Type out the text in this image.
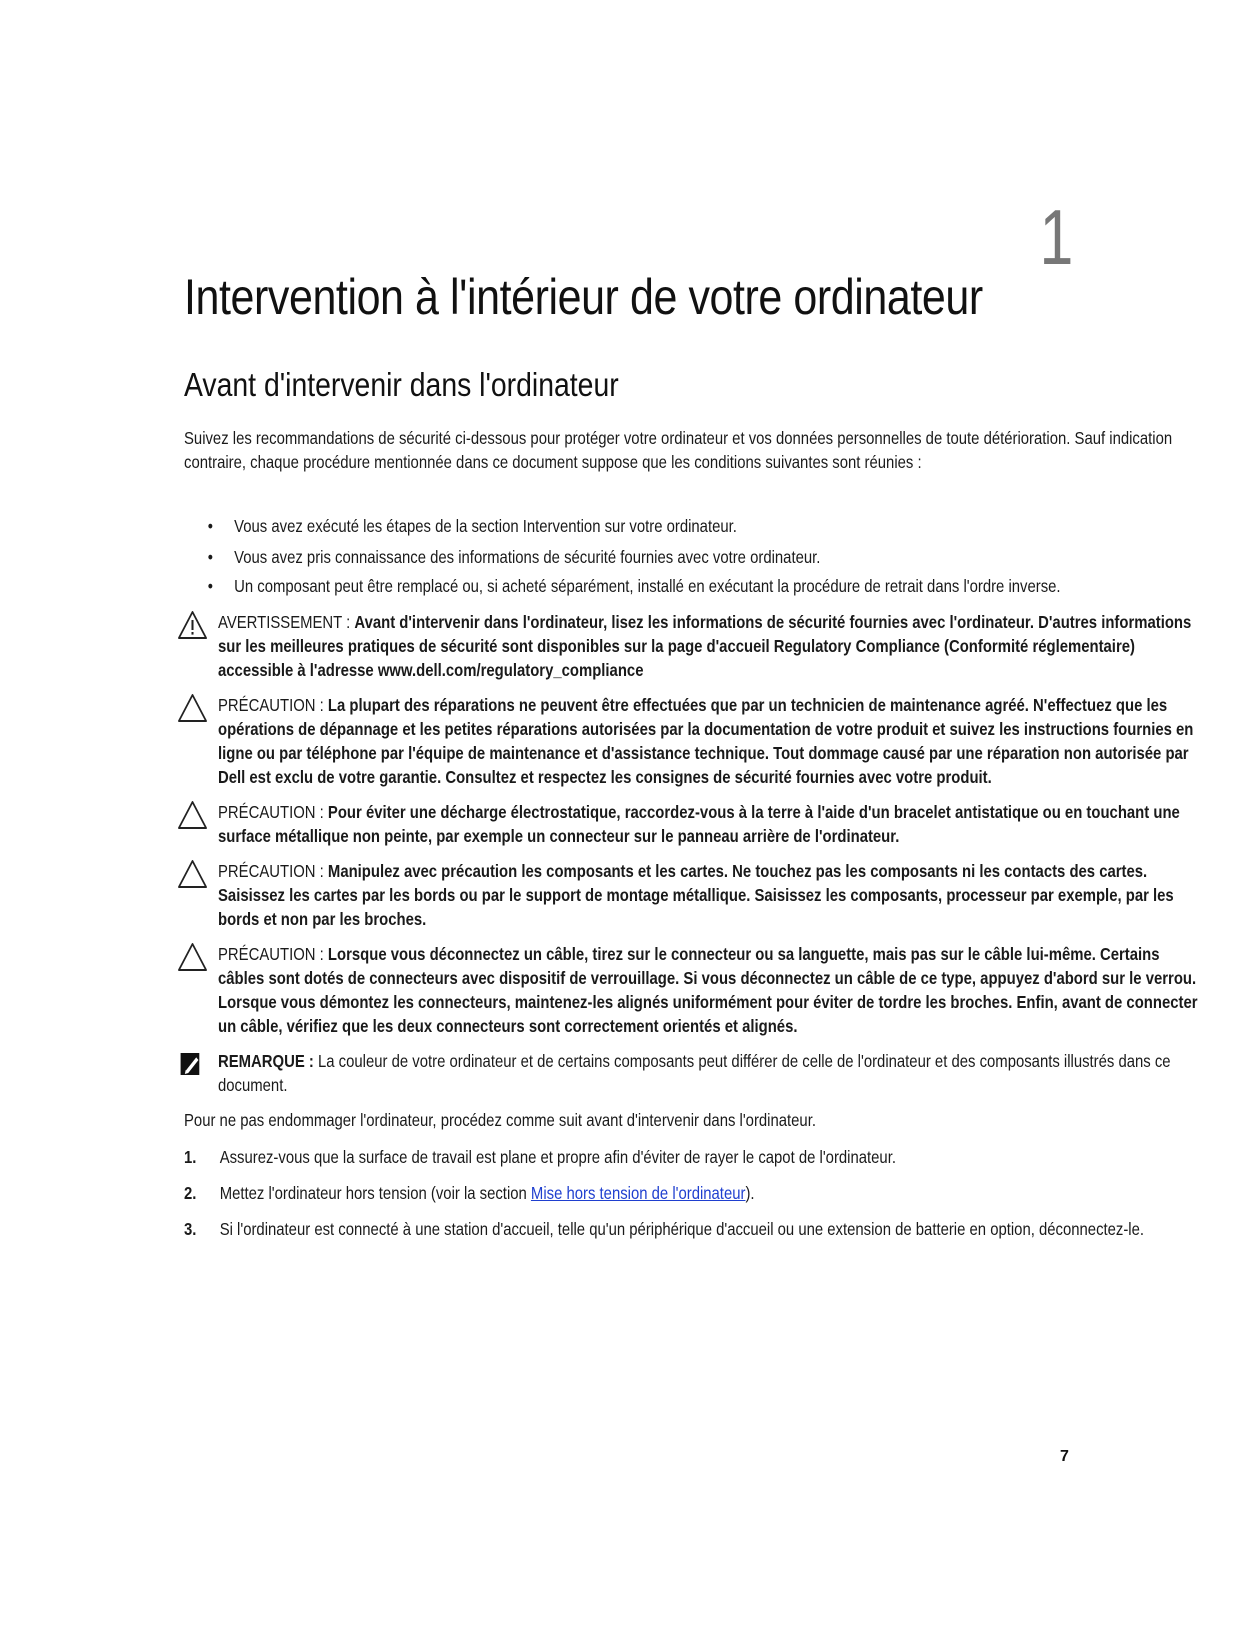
1
Intervention à l'intérieur de votre ordinateur
Avant d'intervenir dans l'ordinateur

Suivez les recommandations de sécurité ci-dessous pour protéger votre ordinateur et vos données personnelles de toute détérioration. Sauf indication contraire, chaque procédure mentionnée dans ce document suppose que les conditions suivantes sont réunies :

• Vous avez exécuté les étapes de la section Intervention sur votre ordinateur.
• Vous avez pris connaissance des informations de sécurité fournies avec votre ordinateur.
• Un composant peut être remplacé ou, si acheté séparément, installé en exécutant la procédure de retrait dans l'ordre inverse.
AVERTISSEMENT : Avant d'intervenir dans l'ordinateur, lisez les informations de sécurité fournies avec l'ordinateur. D'autres informations sur les meilleures pratiques de sécurité sont disponibles sur la page d'accueil Regulatory Compliance (Conformité réglementaire) accessible à l'adresse www.dell.com/regulatory_compliance
PRÉCAUTION : La plupart des réparations ne peuvent être effectuées que par un technicien de maintenance agréé. N'effectuez que les opérations de dépannage et les petites réparations autorisées par la documentation de votre produit et suivez les instructions fournies en ligne ou par téléphone par l'équipe de maintenance et d'assistance technique. Tout dommage causé par une réparation non autorisée par Dell est exclu de votre garantie. Consultez et respectez les consignes de sécurité fournies avec votre produit.
PRÉCAUTION : Pour éviter une décharge électrostatique, raccordez-vous à la terre à l'aide d'un bracelet antistatique ou en touchant une surface métallique non peinte, par exemple un connecteur sur le panneau arrière de l'ordinateur.
PRÉCAUTION : Manipulez avec précaution les composants et les cartes. Ne touchez pas les composants ni les contacts des cartes. Saisissez les cartes par les bords ou par le support de montage métallique. Saisissez les composants, processeur par exemple, par les bords et non par les broches.
PRÉCAUTION : Lorsque vous déconnectez un câble, tirez sur le connecteur ou sa languette, mais pas sur le câble lui-même. Certains câbles sont dotés de connecteurs avec dispositif de verrouillage. Si vous déconnectez un câble de ce type, appuyez d'abord sur le verrou. Lorsque vous démontez les connecteurs, maintenez-les alignés uniformément pour éviter de tordre les broches. Enfin, avant de connecter un câble, vérifiez que les deux connecteurs sont correctement orientés et alignés.
REMARQUE : La couleur de votre ordinateur et de certains composants peut différer de celle de l'ordinateur et des composants illustrés dans ce document.

Pour ne pas endommager l'ordinateur, procédez comme suit avant d'intervenir dans l'ordinateur.

1. Assurez-vous que la surface de travail est plane et propre afin d'éviter de rayer le capot de l'ordinateur.
2. Mettez l'ordinateur hors tension (voir la section Mise hors tension de l'ordinateur).
3. Si l'ordinateur est connecté à une station d'accueil, telle qu'un périphérique d'accueil ou une extension de batterie en option, déconnectez-le.
7
